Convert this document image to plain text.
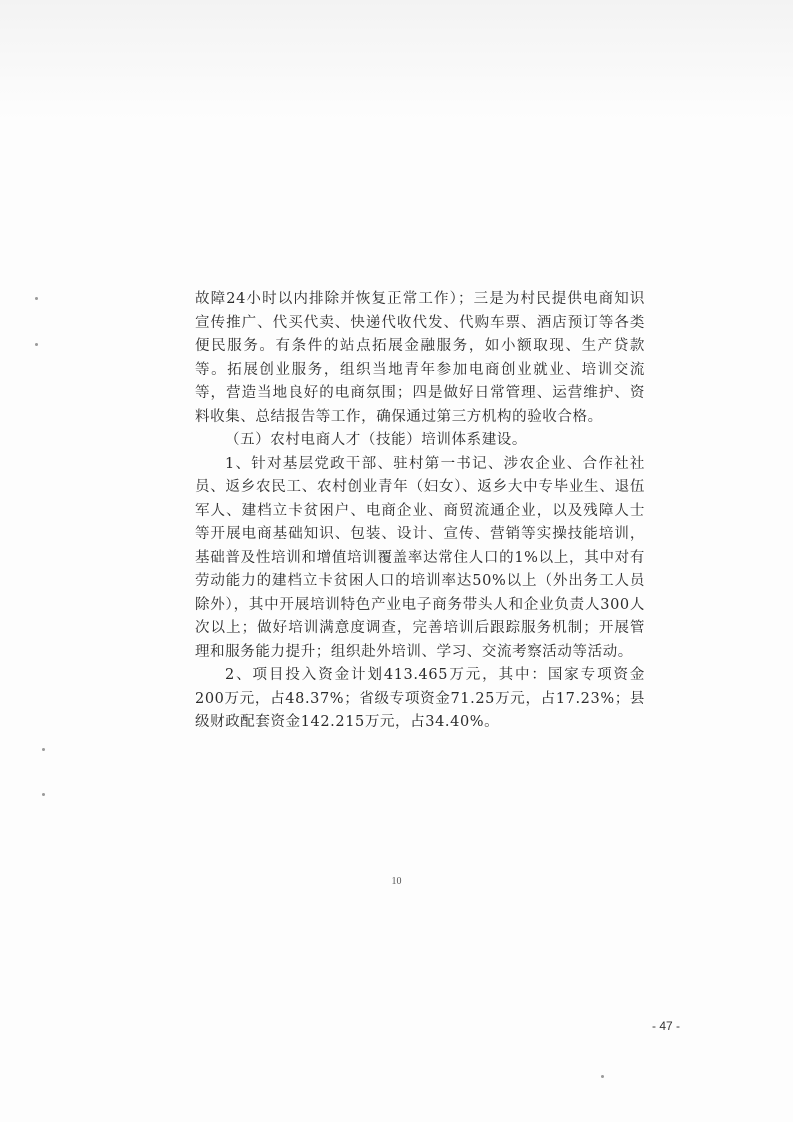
故障24小时以内排除并恢复正常工作）；三是为村民提供电商知识宣传推广、代买代卖、快递代收代发、代购车票、酒店预订等各类便民服务。有条件的站点拓展金融服务，如小额取现、生产贷款等。拓展创业服务，组织当地青年参加电商创业就业、培训交流等，营造当地良好的电商氛围；四是做好日常管理、运营维护、资料收集、总结报告等工作，确保通过第三方机构的验收合格。

（五）农村电商人才（技能）培训体系建设。

1、针对基层党政干部、驻村第一书记、涉农企业、合作社社员、返乡农民工、农村创业青年（妇女）、返乡大中专毕业生、退伍军人、建档立卡贫困户、电商企业、商贸流通企业，以及残障人士等开展电商基础知识、包装、设计、宣传、营销等实操技能培训，基础普及性培训和增值培训覆盖率达常住人口的1%以上，其中对有劳动能力的建档立卡贫困人口的培训率达50%以上（外出务工人员除外），其中开展培训特色产业电子商务带头人和企业负责人300人次以上；做好培训满意度调查，完善培训后跟踪服务机制；开展管理和服务能力提升；组织赴外培训、学习、交流考察活动等活动。

2、项目投入资金计划413.465万元，其中：国家专项资金200万元，占48.37%；省级专项资金71.25万元，占17.23%；县级财政配套资金142.215万元，占34.40%。

10
- 47 -
